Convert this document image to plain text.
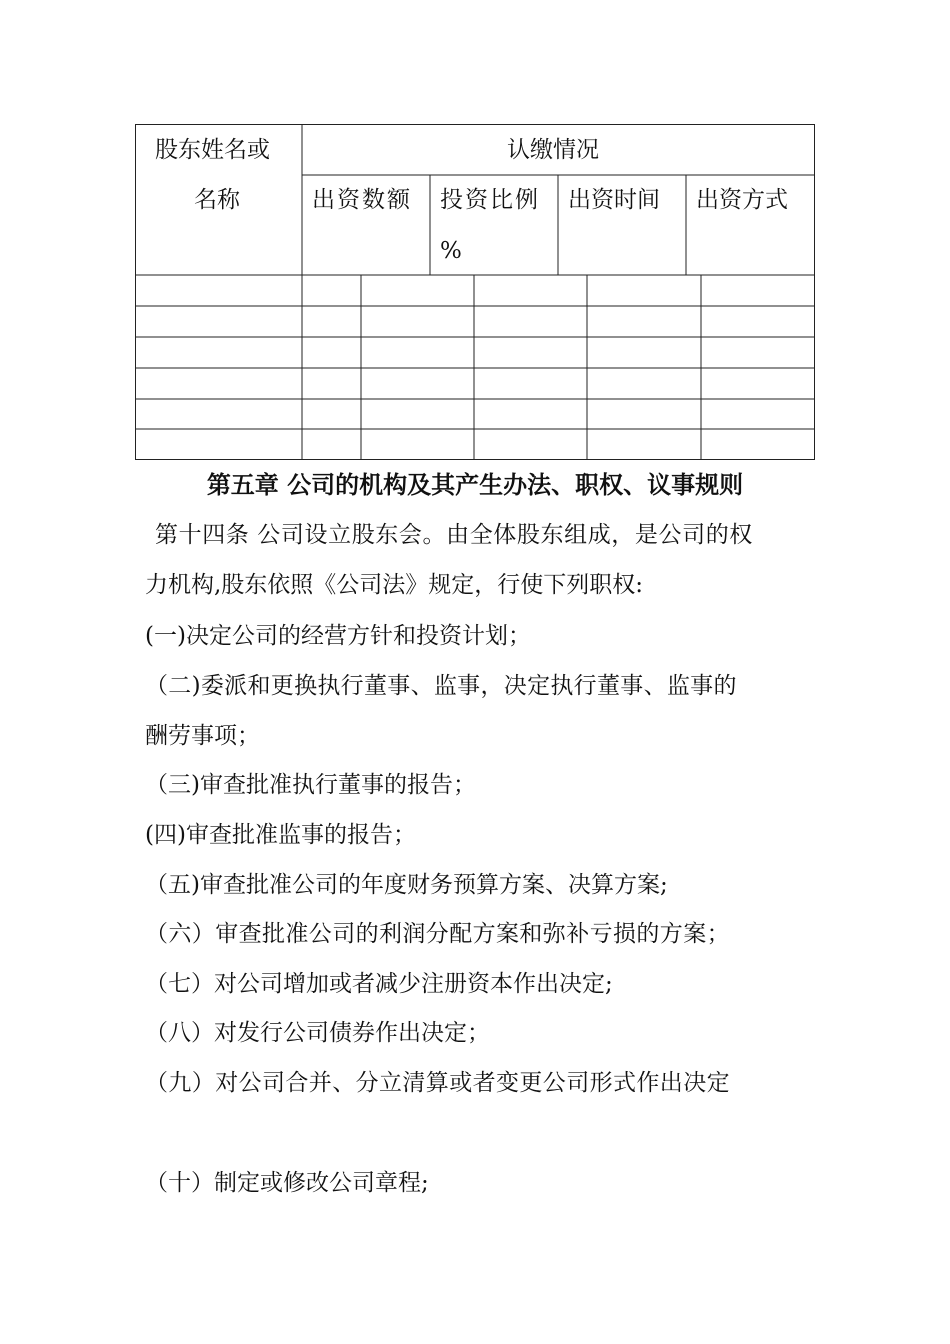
股东姓名或
名称
认缴情况
出资数额 投资比例
%
出资时间 出资方式
第五章 公司的机构及其产生办法、职权、议事规则
第十四条 公司设立股东会。由全体股东组成，是公司的权
力机构,股东依照《公司法》规定，行使下列职权:
(一)决定公司的经营方针和投资计划；
（二)委派和更换执行董事、监事，决定执行董事、监事的
酬劳事项；
（三)审查批准执行董事的报告；
(四)审查批准监事的报告；
（五)审查批准公司的年度财务预算方案、决算方案;
（六）审查批准公司的利润分配方案和弥补亏损的方案；
（七）对公司增加或者减少注册资本作出决定;
（八）对发行公司债券作出决定；
（九）对公司合并、分立清算或者变更公司形式作出决定
（十）制定或修改公司章程;
